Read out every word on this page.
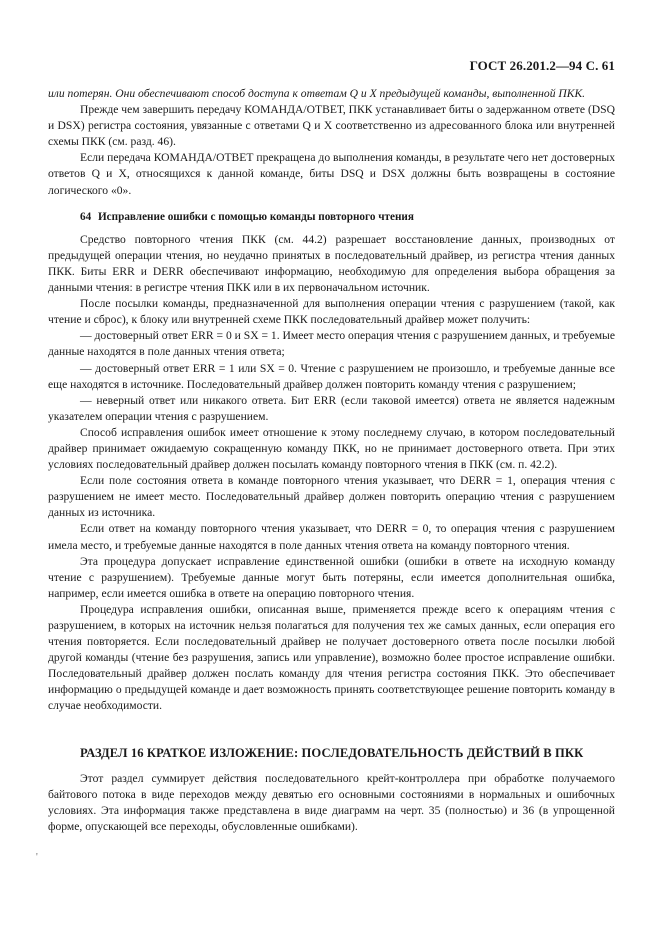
ГОСТ 26.201.2—94 С. 61

или потерян. Они обеспечивают способ доступа к ответам Q и X предыдущей команды, выполненной ПКК.

Прежде чем завершить передачу КОМАНДА/ОТВЕТ, ПКК устанавливает биты о задержанном ответе (DSQ и DSX) регистра состояния, увязанные с ответами Q и X соответственно из адресованного блока или внутренней схемы ПКК (см. разд. 46).

Если передача КОМАНДА/ОТВЕТ прекращена до выполнения команды, в результате чего нет достоверных ответов Q и X, относящихся к данной команде, биты DSQ и DSX должны быть возвращены в состояние логического «0».

64 Исправление ошибки с помощью команды повторного чтения

Средство повторного чтения ПКК (см. 44.2) разрешает восстановление данных, производных от предыдущей операции чтения, но неудачно принятых в последовательный драйвер, из регистра чтения данных ПКК. Биты ERR и DERR обеспечивают информацию, необходимую для определения выбора обращения за данными чтения: в регистре чтения ПКК или в их первоначальном источник.

После посылки команды, предназначенной для выполнения операции чтения с разрушением (такой, как чтение и сброс), к блоку или внутренней схеме ПКК последовательный драйвер может получить:

— достоверный ответ ERR = 0 и SX = 1. Имеет место операция чтения с разрушением данных, и требуемые данные находятся в поле данных чтения ответа;

— достоверный ответ ERR = 1 или SX = 0. Чтение с разрушением не произошло, и требуемые данные все еще находятся в источнике. Последовательный драйвер должен повторить команду чтения с разрушением;

— неверный ответ или никакого ответа. Бит ERR (если таковой имеется) ответа не является надежным указателем операции чтения с разрушением.

Способ исправления ошибок имеет отношение к этому последнему случаю, в котором последовательный драйвер принимает ожидаемую сокращенную команду ПКК, но не принимает достоверного ответа. При этих условиях последовательный драйвер должен посылать команду повторного чтения в ПКК (см. п. 42.2).

Если поле состояния ответа в команде повторного чтения указывает, что DERR = 1, операция чтения с разрушением не имеет место. Последовательный драйвер должен повторить операцию чтения с разрушением данных из источника.

Если ответ на команду повторного чтения указывает, что DERR = 0, то операция чтения с разрушением имела место, и требуемые данные находятся в поле данных чтения ответа на команду повторного чтения.

Эта процедура допускает исправление единственной ошибки (ошибки в ответе на исходную команду чтение с разрушением). Требуемые данные могут быть потеряны, если имеется дополнительная ошибка, например, если имеется ошибка в ответе на операцию повторного чтения.

Процедура исправления ошибки, описанная выше, применяется прежде всего к операциям чтения с разрушением, в которых на источник нельзя полагаться для получения тех же самых данных, если операция его чтения повторяется. Если последовательный драйвер не получает достоверного ответа после посылки любой другой команды (чтение без разрушения, запись или управление), возможно более простое исправление ошибки. Последовательный драйвер должен послать команду для чтения регистра состояния ПКК. Это обеспечивает информацию о предыдущей команде и дает возможность принять соответствующее решение повторить команду в случае необходимости.

РАЗДЕЛ 16 КРАТКОЕ ИЗЛОЖЕНИЕ: ПОСЛЕДОВАТЕЛЬНОСТЬ ДЕЙСТВИЙ В ПКК

Этот раздел суммирует действия последовательного крейт-контроллера при обработке получаемого байтового потока в виде переходов между девятью его основными состояниями в нормальных и ошибочных условиях. Эта информация также представлена в виде диаграмм на черт. 35 (полностью) и 36 (в упрощенной форме, опускающей все переходы, обусловленные ошибками).

'
